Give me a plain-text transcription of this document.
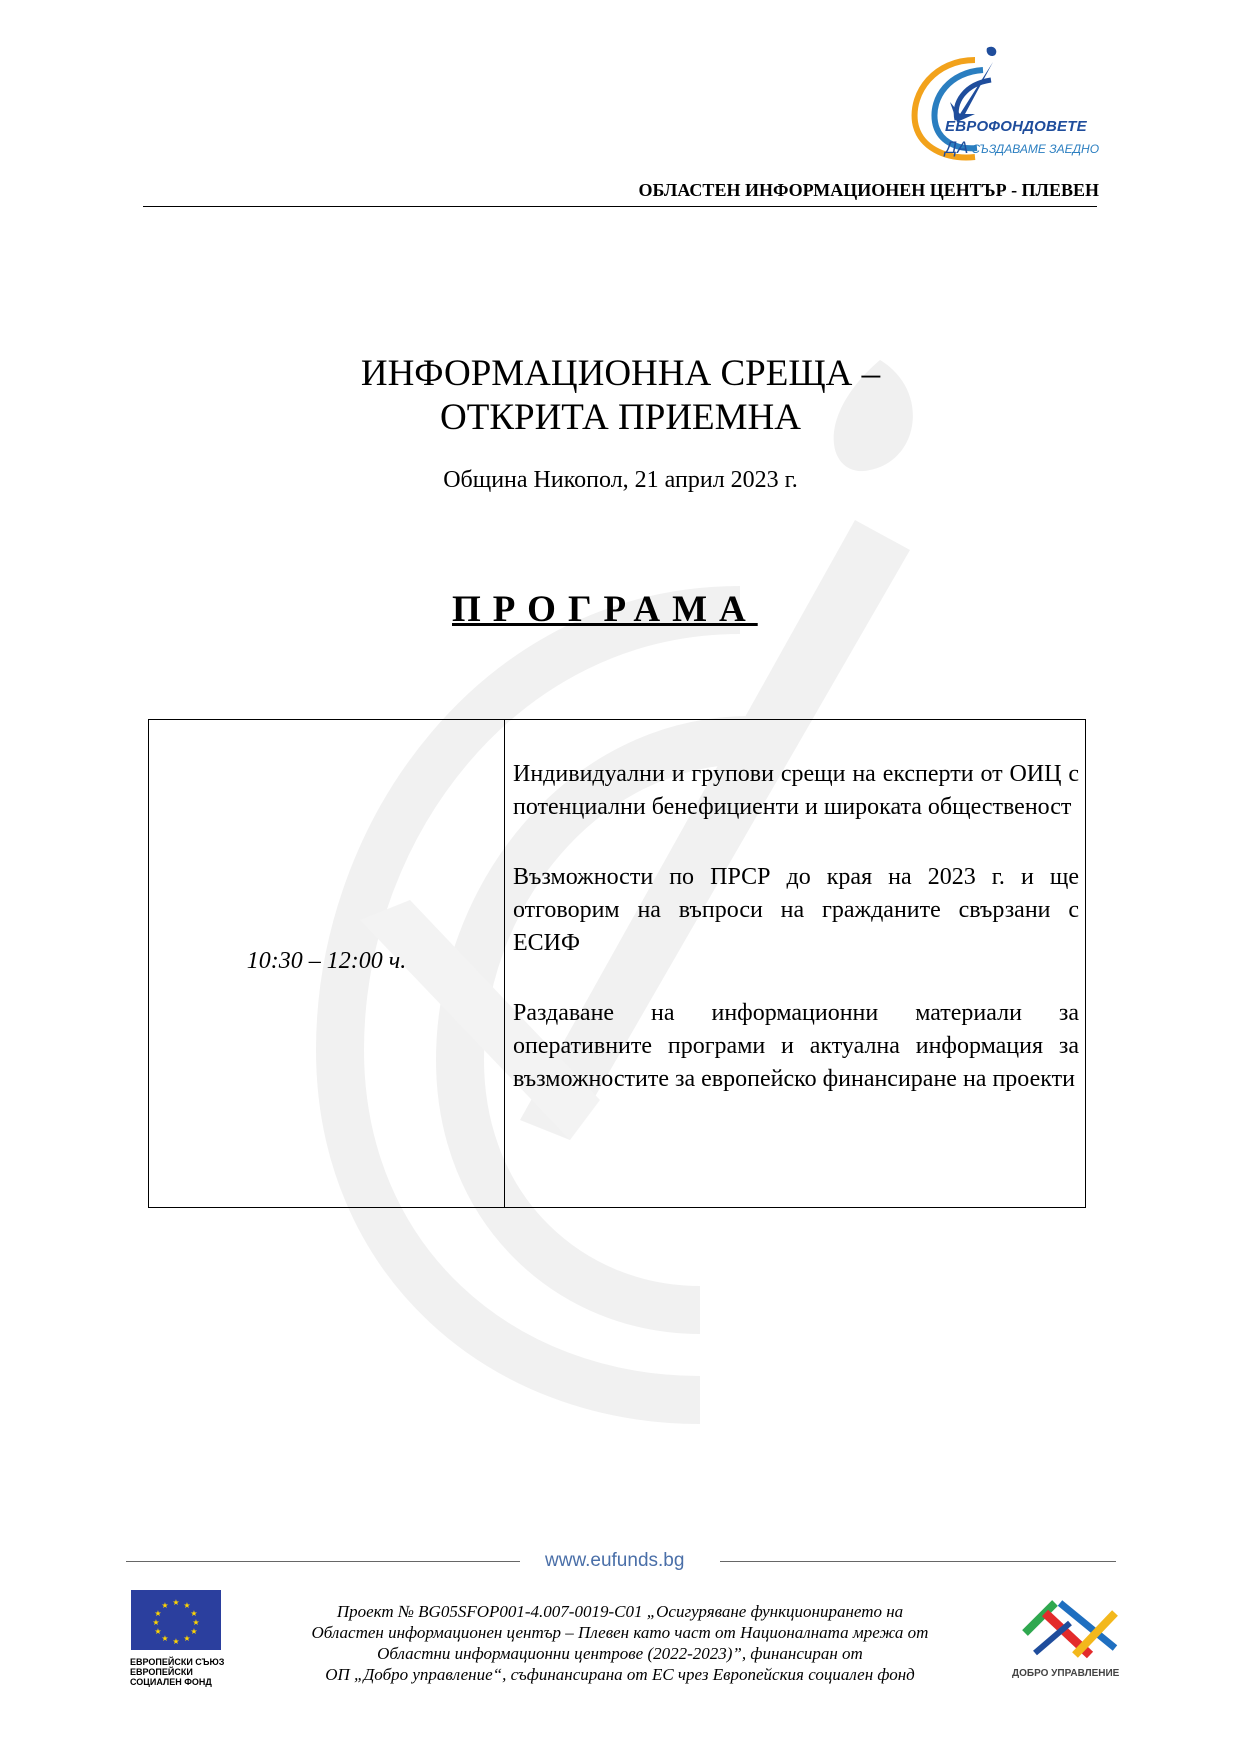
ЕВРОФОНДОВЕТЕ
ДА СЪЗДАВАМЕ ЗАЕДНО
ОБЛАСТЕН ИНФОРМАЦИОНЕН ЦЕНТЪР - ПЛЕВЕН
ИНФОРМАЦИОННА СРЕЩА –
ОТКРИТА ПРИЕМНА
Община Никопол, 21 април 2023 г.
ПРОГРАМА
10:30 – 12:00 ч.

Индивидуални и групови срещи на експерти от ОИЦ с потенциални бенефициенти и широката общественост

Възможности по ПРСР до края на 2023 г. и ще отговорим на въпроси на гражданите свързани с ЕСИФ

Раздаване на информационни материали за оперативните програми и актуална информация за възможностите за европейско финансиране на проекти

www.eufunds.bg
★ ★
★
★
★
★
★
★
★
★
★
★
ЕВРОПЕЙСКИ СЪЮЗ
ЕВРОПЕЙСКИ
СОЦИАЛЕН ФОНД
Проект № BG05SFOP001-4.007-0019-C01 „Осигуряване функционирането на
Областен информационен център – Плевен като част от Националната мрежа от
Областни информационни центрове (2022-2023)”, финансиран от
ОП „Добро управление“, съфинансирана от ЕС чрез Европейския социален фонд	ДОБРО УПРАВЛЕНИЕ
